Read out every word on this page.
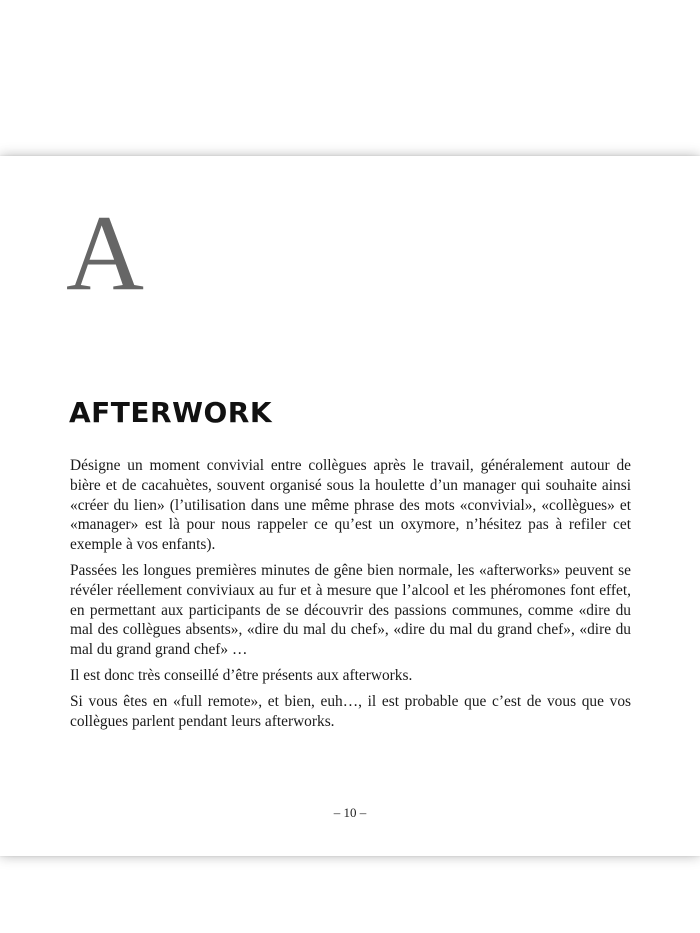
A
AFTERWORK

Désigne un moment convivial entre collègues après le travail, généralement autour de bière et de cacahuètes, souvent organisé sous la houlette d’un manager qui souhaite ainsi «créer du lien» (l’utilisation dans une même phrase des mots «convivial», «collègues» et «manager» est là pour nous rappeler ce qu’est un oxymore, n’hésitez pas à refiler cet exemple à vos enfants).

Passées les longues premières minutes de gêne bien normale, les «afterworks» peuvent se révéler réellement conviviaux au fur et à mesure que l’alcool et les phéromones font effet, en permettant aux participants de se découvrir des passions communes, comme «dire du mal des collègues absents», «dire du mal du chef», «dire du mal du grand chef», «dire du mal du grand grand chef» …

Il est donc très conseillé d’être présents aux afterworks.

Si vous êtes en «full remote», et bien, euh…, il est probable que c’est de vous que vos collègues parlent pendant leurs afterworks.

– 10 –
